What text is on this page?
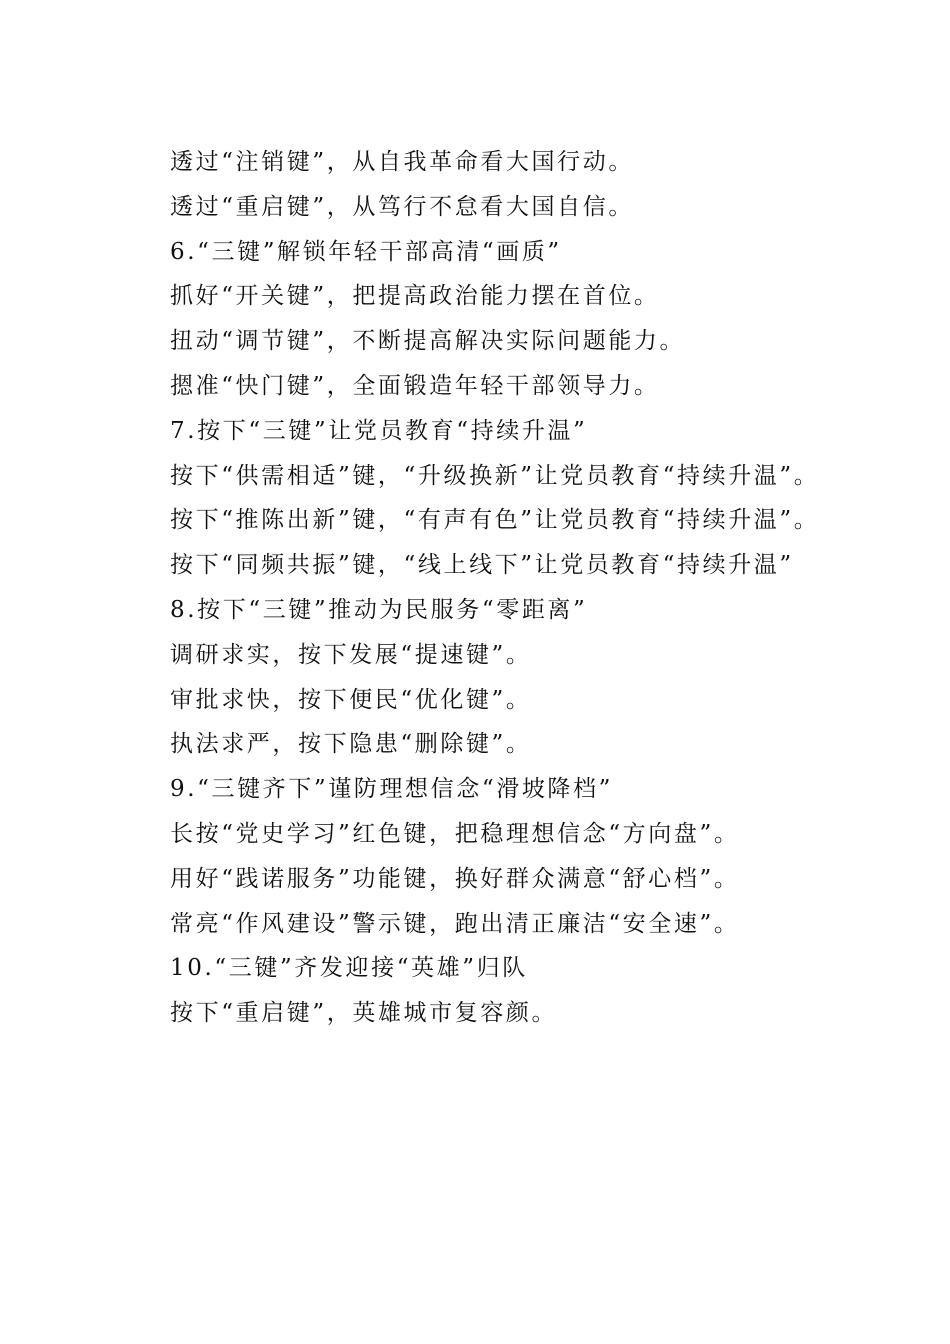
透过“注销键”，从自我革命看大国行动。

透过“重启键”，从笃行不怠看大国自信。

6.“三键”解锁年轻干部高清“画质”

抓好“开关键”，把提高政治能力摆在首位。

扭动“调节键”，不断提高解决实际问题能力。

摁准“快门键”，全面锻造年轻干部领导力。

7.按下“三键”让党员教育“持续升温”

按下“供需相适”键，“升级换新”让党员教育“持续升温”。

按下“推陈出新”键，“有声有色”让党员教育“持续升温”。

按下“同频共振”键，“线上线下”让党员教育“持续升温”

8.按下“三键”推动为民服务“零距离”

调研求实，按下发展“提速键”。

审批求快，按下便民“优化键”。

执法求严，按下隐患“删除键”。

9.“三键齐下”谨防理想信念“滑坡降档”

长按“党史学习”红色键，把稳理想信念“方向盘”。

用好“践诺服务”功能键，换好群众满意“舒心档”。

常亮“作风建设”警示键，跑出清正廉洁“安全速”。

10.“三键”齐发迎接“英雄”归队

按下“重启键”，英雄城市复容颜。
